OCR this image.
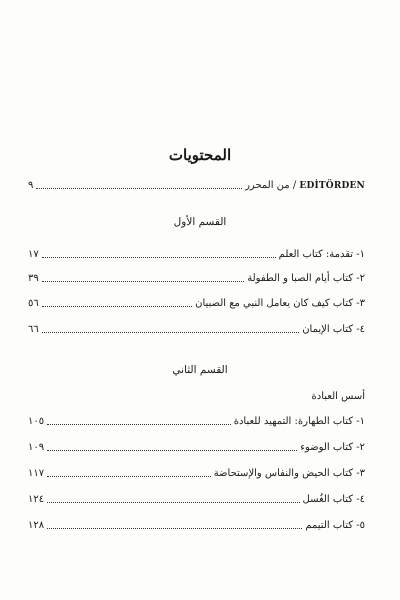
المحتويات
٩	EDİTÖRDEN / من المحرر
القسم الأول
١٧	١- تقدمة: كتاب العلم
٣٩	٢- كتاب أيام الصبا و الطفولة
٥٦	٣- كتاب كيف كان يعامل النبي مع الصبيان
٦٦	٤- كتاب الإيمان
القسم الثاني
أسس العبادة
١٠٥	١- كتاب الطهارة: التمهيد للعبادة
١٠٩	٢- كتاب الوضوء
١١٧	٣- كتاب الحيض والنفاس والإستحاضة
١٢٤	٤- كتاب الغُسل
١٢٨	٥- كتاب التيمم
